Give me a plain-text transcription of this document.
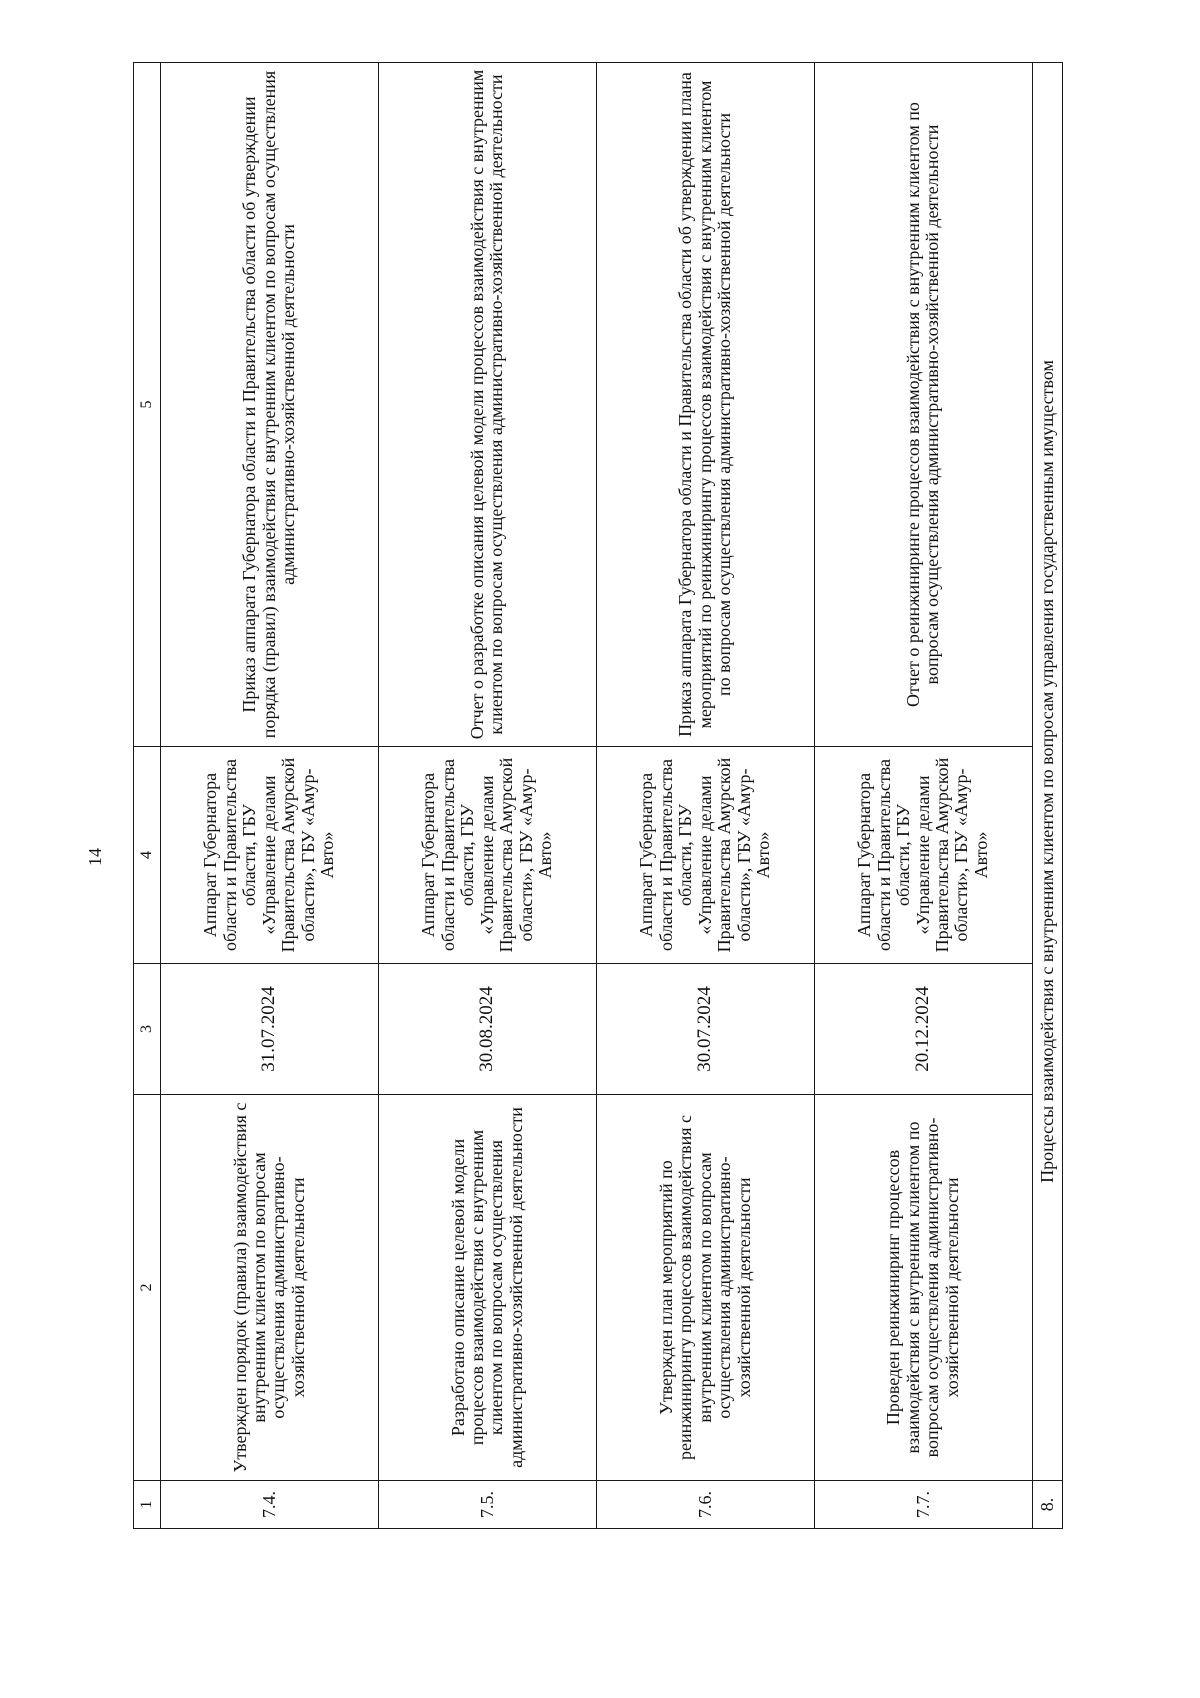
14
1	2	3	4	5
7.4.	Утвержден порядок (правила) взаимодействия с внутренним клиентом по вопросам осуществления административно-хозяйственной деятельности	31.07.2024	Аппарат Губернатора области и Правительства области, ГБУ «Управление делами Правительства Амурской области», ГБУ «Амур-Авто»	Приказ аппарата Губернатора области и Правительства области об утверждении порядка (правил) взаимодействия с внутренним клиентом по вопросам осуществления административно-хозяйственной деятельности
7.5.	Разработано описание целевой модели процессов взаимодействия с внутренним клиентом по вопросам осуществления административно-хозяйственной деятельности	30.08.2024	Аппарат Губернатора области и Правительства области, ГБУ «Управление делами Правительства Амурской области», ГБУ «Амур-Авто»	Отчет о разработке описания целевой модели процессов взаимодействия с внутренним клиентом по вопросам осуществления административно-хозяйственной деятельности
7.6.	Утвержден план мероприятий по реинжинирингу процессов взаимодействия с внутренним клиентом по вопросам осуществления административно-хозяйственной деятельности	30.07.2024	Аппарат Губернатора области и Правительства области, ГБУ «Управление делами Правительства Амурской области», ГБУ «Амур-Авто»	Приказ аппарата Губернатора области и Правительства области об утверждении плана мероприятий по реинжинирингу процессов взаимодействия с внутренним клиентом по вопросам осуществления административно-хозяйственной деятельности
7.7.	Проведен реинжиниринг процессов взаимодействия с внутренним клиентом по вопросам осуществления административно-хозяйственной деятельности	20.12.2024	Аппарат Губернатора области и Правительства области, ГБУ «Управление делами Правительства Амурской области», ГБУ «Амур-Авто»	Отчет о реинжиниринге процессов взаимодействия с внутренним клиентом по вопросам осуществления административно-хозяйственной деятельности
8.	Процессы взаимодействия с внутренним клиентом по вопросам управления государственным имуществом			
